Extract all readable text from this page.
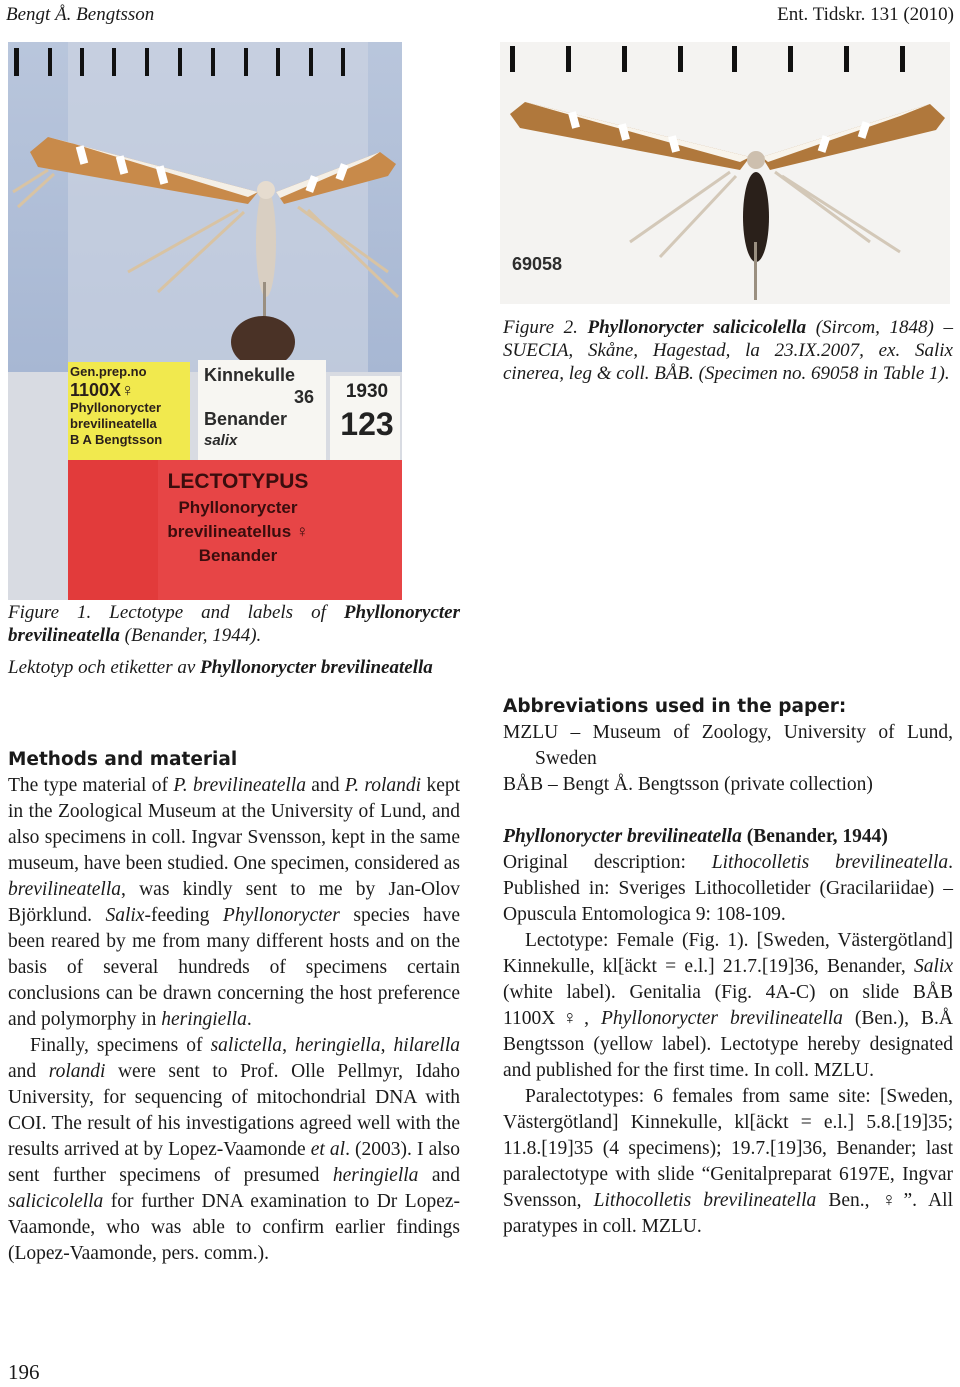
Bengt Å. Bengtsson	Ent. Tidskr. 131 (2010)
Gen.prep.no
1100X♀
Phyllonorycter
brevilineatella
B A Bengtsson
Kinnekulle
36
Benander
salix
1930
123
LECTOTYPUS
Phyllonorycter
brevilineatellus ♀
Benander
69058
Figure 2. Phyllonorycter salicicolella (Sircom, 1848) – SUECIA, Skåne, Hagestad, la 23.IX.2007, ex. Salix cinerea, leg & coll. BÅB. (Specimen no. 69058 in Table 1).
Figure 1. Lectotype and labels of Phyllonorycter brevilineatella (Benander, 1944).
Lektotyp och etiketter av Phyllonorycter brevilineatella
Methods and material

The type material of P. brevilineatella and P. rolandi kept in the Zoological Museum at the University of Lund, and also specimens in coll. Ingvar Svensson, kept in the same museum, have been studied. One specimen, considered as brevilineatella, was kindly sent to me by Jan-Olov Björklund. Salix-feeding Phyllonorycter species have been reared by me from many different hosts and on the basis of several hundreds of specimens certain conclusions can be drawn concerning the host preference and polymorphy in heringiella.

Finally, specimens of salictella, heringiella, hilarella and rolandi were sent to Prof. Olle Pellmyr, Idaho University, for sequencing of mitochondrial DNA with COI. The result of his investigations agreed well with the results arrived at by Lopez-Vaamonde et al. (2003). I also sent further specimens of presumed heringiella and salicicolella for further DNA examination to Dr Lopez-Vaamonde, who was able to confirm earlier findings (Lopez-Vaamonde, pers. comm.).

Abbreviations used in the paper:

MZLU – Museum of Zoology, University of Lund, Sweden

BÅB – Bengt Å. Bengtsson (private collection)

Phyllonorycter brevilineatella (Benander, 1944)

Original description: Lithocolletis brevilineatella. Published in: Sveriges Lithocolletider (Gracilariidae) – Opuscula Entomologica 9: 108-109.

Lectotype: Female (Fig. 1). [Sweden, Västergötland] Kinnekulle, kl[äckt = e.l.] 21.7.[19]36, Benander, Salix (white label). Genitalia (Fig. 4A-C) on slide BÅB 1100X♀, Phyllonorycter brevilineatella (Ben.), B.Å Bengtsson (yellow label). Lectotype hereby designated and published for the first time. In coll. MZLU.

Paralectotypes: 6 females from same site: [Sweden, Västergötland] Kinnekulle, kl[äckt = e.l.] 5.8.[19]35; 11.8.[19]35 (4 specimens); 19.7.[19]36, Benander; last paralectotype with slide “Genitalpreparat 6197E, Ingvar Svensson, Lithocolletis brevilineatella Ben., ♀”. All paratypes in coll. MZLU.

196
